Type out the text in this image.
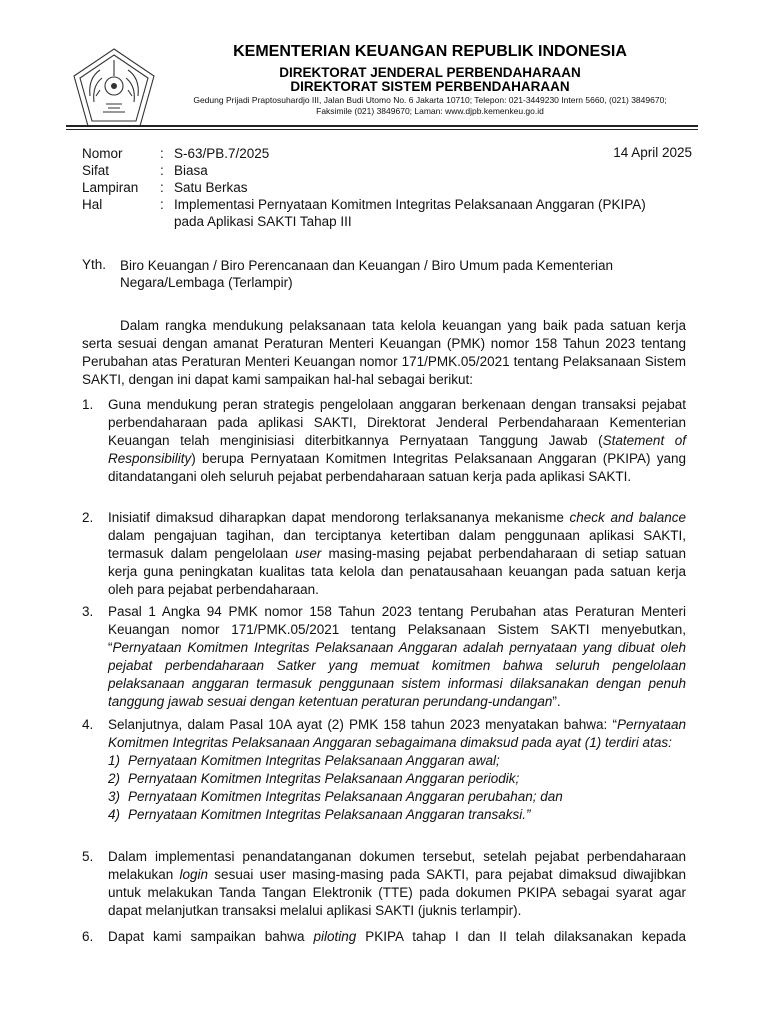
KEMENTERIAN KEUANGAN REPUBLIK INDONESIA
DIREKTORAT JENDERAL PERBENDAHARAAN
DIREKTORAT SISTEM PERBENDAHARAAN
Gedung Prijadi Praptosuhardjo III, Jalan Budi Utomo No. 6 Jakarta 10710; Telepon: 021-3449230 Intern 5660, (021) 3849670;
Faksimile (021) 3849670; Laman: www.djpb.kemenkeu.go.id
Nomor	: S-63/PB.7/2025	14 April 2025
Sifat	: Biasa
Lampiran	: Satu Berkas
Hal	: Implementasi Pernyataan Komitmen Integritas Pelaksanaan Anggaran (PKIPA)
pada Aplikasi SAKTI Tahap III
Yth. Biro Keuangan / Biro Perencanaan dan Keuangan / Biro Umum pada Kementerian Negara/Lembaga (Terlampir)
Dalam rangka mendukung pelaksanaan tata kelola keuangan yang baik pada satuan kerja serta sesuai dengan amanat Peraturan Menteri Keuangan (PMK) nomor 158 Tahun 2023 tentang Perubahan atas Peraturan Menteri Keuangan nomor 171/PMK.05/2021 tentang Pelaksanaan Sistem SAKTI, dengan ini dapat kami sampaikan hal-hal sebagai berikut:
1. Guna mendukung peran strategis pengelolaan anggaran berkenaan dengan transaksi pejabat perbendaharaan pada aplikasi SAKTI, Direktorat Jenderal Perbendaharaan Kementerian Keuangan telah menginisiasi diterbitkannya Pernyataan Tanggung Jawab (Statement of Responsibility) berupa Pernyataan Komitmen Integritas Pelaksanaan Anggaran (PKIPA) yang ditandatangani oleh seluruh pejabat perbendaharaan satuan kerja pada aplikasi SAKTI.
2. Inisiatif dimaksud diharapkan dapat mendorong terlaksananya mekanisme check and balance dalam pengajuan tagihan, dan terciptanya ketertiban dalam penggunaan aplikasi SAKTI, termasuk dalam pengelolaan user masing-masing pejabat perbendaharaan di setiap satuan kerja guna peningkatan kualitas tata kelola dan penatausahaan keuangan pada satuan kerja oleh para pejabat perbendaharaan.
3. Pasal 1 Angka 94 PMK nomor 158 Tahun 2023 tentang Perubahan atas Peraturan Menteri Keuangan nomor 171/PMK.05/2021 tentang Pelaksanaan Sistem SAKTI menyebutkan, “Pernyataan Komitmen Integritas Pelaksanaan Anggaran adalah pernyataan yang dibuat oleh pejabat perbendaharaan Satker yang memuat komitmen bahwa seluruh pengelolaan pelaksanaan anggaran termasuk penggunaan sistem informasi dilaksanakan dengan penuh tanggung jawab sesuai dengan ketentuan peraturan perundang-undangan”.
4. Selanjutnya, dalam Pasal 10A ayat (2) PMK 158 tahun 2023 menyatakan bahwa: “Pernyataan Komitmen Integritas Pelaksanaan Anggaran sebagaimana dimaksud pada ayat (1) terdiri atas:
1) Pernyataan Komitmen Integritas Pelaksanaan Anggaran awal;
2) Pernyataan Komitmen Integritas Pelaksanaan Anggaran periodik;
3) Pernyataan Komitmen Integritas Pelaksanaan Anggaran perubahan; dan
4) Pernyataan Komitmen Integritas Pelaksanaan Anggaran transaksi.”
5. Dalam implementasi penandatanganan dokumen tersebut, setelah pejabat perbendaharaan melakukan login sesuai user masing-masing pada SAKTI, para pejabat dimaksud diwajibkan untuk melakukan Tanda Tangan Elektronik (TTE) pada dokumen PKIPA sebagai syarat agar dapat melanjutkan transaksi melalui aplikasi SAKTI (juknis terlampir).
6. Dapat kami sampaikan bahwa piloting PKIPA tahap I dan II telah dilaksanakan kepada
